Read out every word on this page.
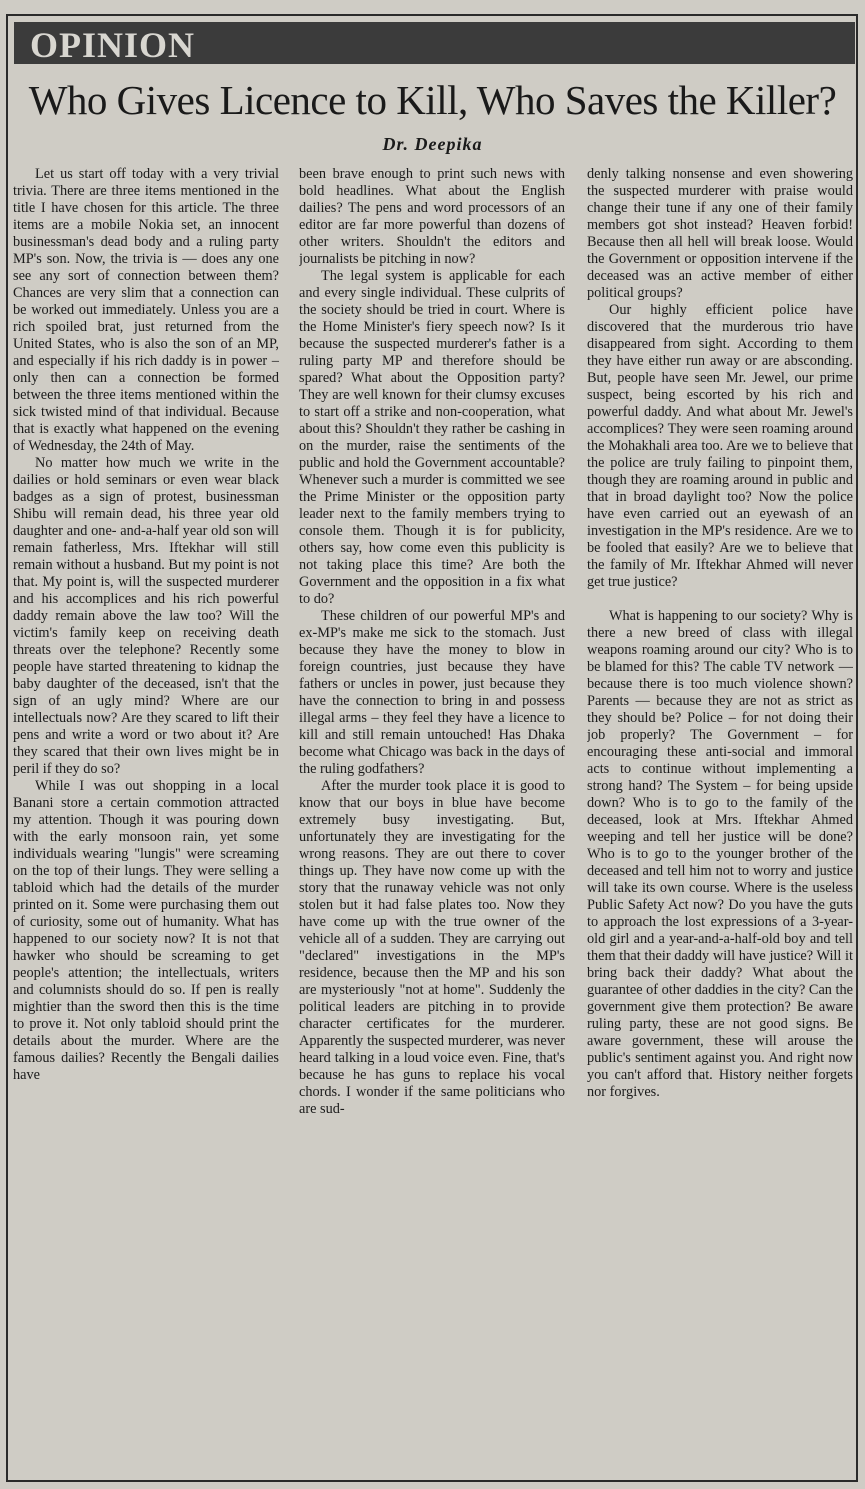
OPINION
Who Gives Licence to Kill, Who Saves the Killer?
Dr. Deepika

Let us start off today with a very trivial trivia. There are three items mentioned in the title I have chosen for this article. The three items are a mobile Nokia set, an innocent businessman's dead body and a ruling party MP's son. Now, the trivia is — does any one see any sort of connection between them? Chances are very slim that a connection can be worked out immediately. Unless you are a rich spoiled brat, just returned from the United States, who is also the son of an MP, and especially if his rich daddy is in power – only then can a connection be formed between the three items mentioned within the sick twisted mind of that individual. Because that is exactly what happened on the evening of Wednesday, the 24th of May.

No matter how much we write in the dailies or hold seminars or even wear black badges as a sign of protest, businessman Shibu will remain dead, his three year old daughter and one- and-a-half year old son will remain fatherless, Mrs. Iftekhar will still remain without a husband. But my point is not that. My point is, will the suspected murderer and his accomplices and his rich powerful daddy remain above the law too? Will the victim's family keep on receiving death threats over the telephone? Recently some people have started threatening to kidnap the baby daughter of the deceased, isn't that the sign of an ugly mind? Where are our intellectuals now? Are they scared to lift their pens and write a word or two about it? Are they scared that their own lives might be in peril if they do so?

While I was out shopping in a local Banani store a certain commotion attracted my attention. Though it was pouring down with the early monsoon rain, yet some individuals wearing "lungis" were screaming on the top of their lungs. They were selling a tabloid which had the details of the murder printed on it. Some were purchasing them out of curiosity, some out of humanity. What has happened to our society now? It is not that hawker who should be screaming to get people's attention; the intellectuals, writers and columnists should do so. If pen is really mightier than the sword then this is the time to prove it. Not only tabloid should print the details about the murder. Where are the famous dailies? Recently the Bengali dailies have

been brave enough to print such news with bold headlines. What about the English dailies? The pens and word processors of an editor are far more powerful than dozens of other writers. Shouldn't the editors and journalists be pitching in now?

The legal system is applicable for each and every single individual. These culprits of the society should be tried in court. Where is the Home Minister's fiery speech now? Is it because the suspected murderer's father is a ruling party MP and therefore should be spared? What about the Opposition party? They are well known for their clumsy excuses to start off a strike and non-cooperation, what about this? Shouldn't they rather be cashing in on the murder, raise the sentiments of the public and hold the Government accountable? Whenever such a murder is committed we see the Prime Minister or the opposition party leader next to the family members trying to console them. Though it is for publicity, others say, how come even this publicity is not taking place this time? Are both the Government and the opposition in a fix what to do?

These children of our powerful MP's and ex-MP's make me sick to the stomach. Just because they have the money to blow in foreign countries, just because they have fathers or uncles in power, just because they have the connection to bring in and possess illegal arms – they feel they have a licence to kill and still remain untouched! Has Dhaka become what Chicago was back in the days of the ruling godfathers?

After the murder took place it is good to know that our boys in blue have become extremely busy investigating. But, unfortunately they are investigating for the wrong reasons. They are out there to cover things up. They have now come up with the story that the runaway vehicle was not only stolen but it had false plates too. Now they have come up with the true owner of the vehicle all of a sudden. They are carrying out "declared" investigations in the MP's residence, because then the MP and his son are mysteriously "not at home". Suddenly the political leaders are pitching in to provide character certificates for the murderer. Apparently the suspected murderer, was never heard talking in a loud voice even. Fine, that's because he has guns to replace his vocal chords. I wonder if the same politicians who are sud-

denly talking nonsense and even showering the suspected murderer with praise would change their tune if any one of their family members got shot instead? Heaven forbid! Because then all hell will break loose. Would the Government or opposition intervene if the deceased was an active member of either political groups?

Our highly efficient police have discovered that the murderous trio have disappeared from sight. According to them they have either run away or are absconding. But, people have seen Mr. Jewel, our prime suspect, being escorted by his rich and powerful daddy. And what about Mr. Jewel's accomplices? They were seen roaming around the Mohakhali area too. Are we to believe that the police are truly failing to pinpoint them, though they are roaming around in public and that in broad daylight too? Now the police have even carried out an eyewash of an investigation in the MP's residence. Are we to be fooled that easily? Are we to believe that the family of Mr. Iftekhar Ahmed will never get true justice?

What is happening to our society? Why is there a new breed of class with illegal weapons roaming around our city? Who is to be blamed for this? The cable TV network — because there is too much violence shown? Parents — because they are not as strict as they should be? Police – for not doing their job properly? The Government – for encouraging these anti-social and immoral acts to continue without implementing a strong hand? The System – for being upside down? Who is to go to the family of the deceased, look at Mrs. Iftekhar Ahmed weeping and tell her justice will be done? Who is to go to the younger brother of the deceased and tell him not to worry and justice will take its own course. Where is the useless Public Safety Act now? Do you have the guts to approach the lost expressions of a 3-year-old girl and a year-and-a-half-old boy and tell them that their daddy will have justice? Will it bring back their daddy? What about the guarantee of other daddies in the city? Can the government give them protection? Be aware ruling party, these are not good signs. Be aware government, these will arouse the public's sentiment against you. And right now you can't afford that. History neither forgets nor forgives.
